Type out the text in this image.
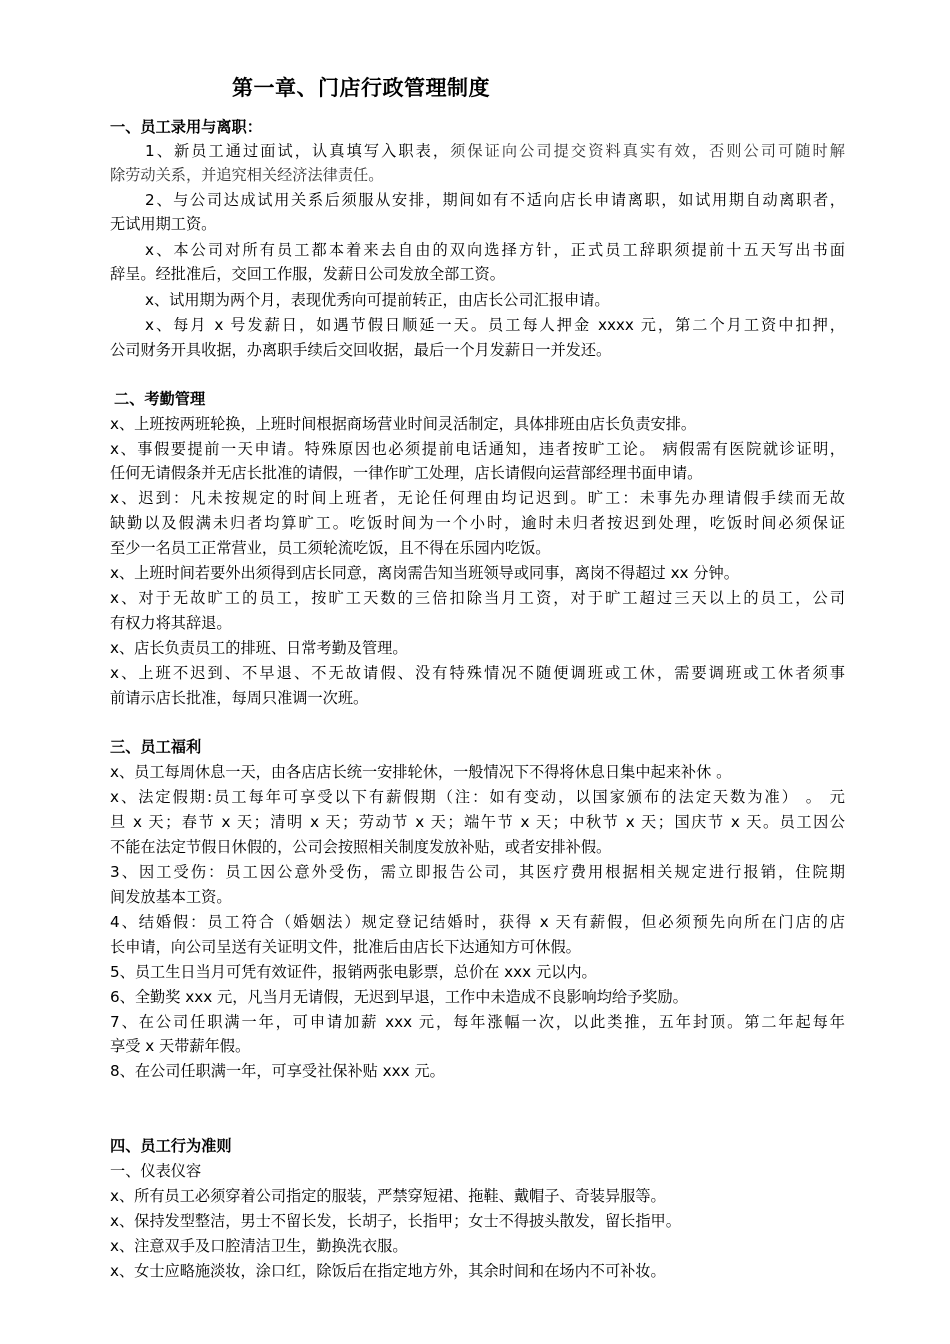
第一章、门店行政管理制度
一、员工录用与离职：
1、新员工通过面试，认真填写入职表，须保证向公司提交资料真实有效，否则公司可随时解
除劳动关系，并追究相关经济法律责任。
2、与公司达成试用关系后须服从安排，期间如有不适向店长申请离职，如试用期自动离职者，
无试用期工资。
x、本公司对所有员工都本着来去自由的双向选择方针，正式员工辞职须提前十五天写出书面
辞呈。经批准后，交回工作服，发薪日公司发放全部工资。
x、试用期为两个月，表现优秀向可提前转正，由店长公司汇报申请。
x、每月 x 号发薪日，如遇节假日顺延一天。员工每人押金 xxxx 元，第二个月工资中扣押，
公司财务开具收据，办离职手续后交回收据，最后一个月发薪日一并发还。
二、考勤管理
x、上班按两班轮换，上班时间根据商场营业时间灵活制定，具体排班由店长负责安排。
x、事假要提前一天申请。特殊原因也必须提前电话通知，违者按旷工论。 病假需有医院就诊证明，
任何无请假条并无店长批准的请假，一律作旷工处理，店长请假向运营部经理书面申请。
x、迟到：凡未按规定的时间上班者，无论任何理由均记迟到。旷工：未事先办理请假手续而无故
缺勤以及假满未归者均算旷工。吃饭时间为一个小时，逾时未归者按迟到处理，吃饭时间必须保证
至少一名员工正常营业，员工须轮流吃饭，且不得在乐园内吃饭。
x、上班时间若要外出须得到店长同意，离岗需告知当班领导或同事，离岗不得超过 xx 分钟。
x、对于无故旷工的员工，按旷工天数的三倍扣除当月工资，对于旷工超过三天以上的员工，公司
有权力将其辞退。
x、店长负责员工的排班、日常考勤及管理。
x、上班不迟到、不早退、不无故请假、没有特殊情况不随便调班或工休，需要调班或工休者须事
前请示店长批准，每周只准调一次班。
三、员工福利
x、员工每周休息一天，由各店店长统一安排轮休，一般情况下不得将休息日集中起来补休 。
x、法定假期:员工每年可享受以下有薪假期（注：如有变动，以国家颁布的法定天数为准） 。 元
旦 x 天；春节 x 天；清明 x 天；劳动节 x 天；端午节 x 天；中秋节 x 天；国庆节 x 天。员工因公
不能在法定节假日休假的，公司会按照相关制度发放补贴，或者安排补假。
3、因工受伤：员工因公意外受伤，需立即报告公司，其医疗费用根据相关规定进行报销，住院期
间发放基本工资。
4、结婚假：员工符合（婚姻法）规定登记结婚时，获得 x 天有薪假，但必须预先向所在门店的店
长申请，向公司呈送有关证明文件，批准后由店长下达通知方可休假。
5、员工生日当月可凭有效证件，报销两张电影票，总价在 xxx 元以内。
6、全勤奖 xxx 元，凡当月无请假，无迟到早退，工作中未造成不良影响均给予奖励。
7、在公司任职满一年，可申请加薪 xxx 元，每年涨幅一次，以此类推，五年封顶。第二年起每年
享受 x 天带薪年假。
8、在公司任职满一年，可享受社保补贴 xxx 元。
四、员工行为准则
一、仪表仪容
x、所有员工必须穿着公司指定的服装，严禁穿短裙、拖鞋、戴帽子、奇装异服等。
x、保持发型整洁，男士不留长发，长胡子，长指甲；女士不得披头散发，留长指甲。
x、注意双手及口腔清洁卫生，勤换洗衣服。
x、女士应略施淡妆，涂口红，除饭后在指定地方外，其余时间和在场内不可补妆。
